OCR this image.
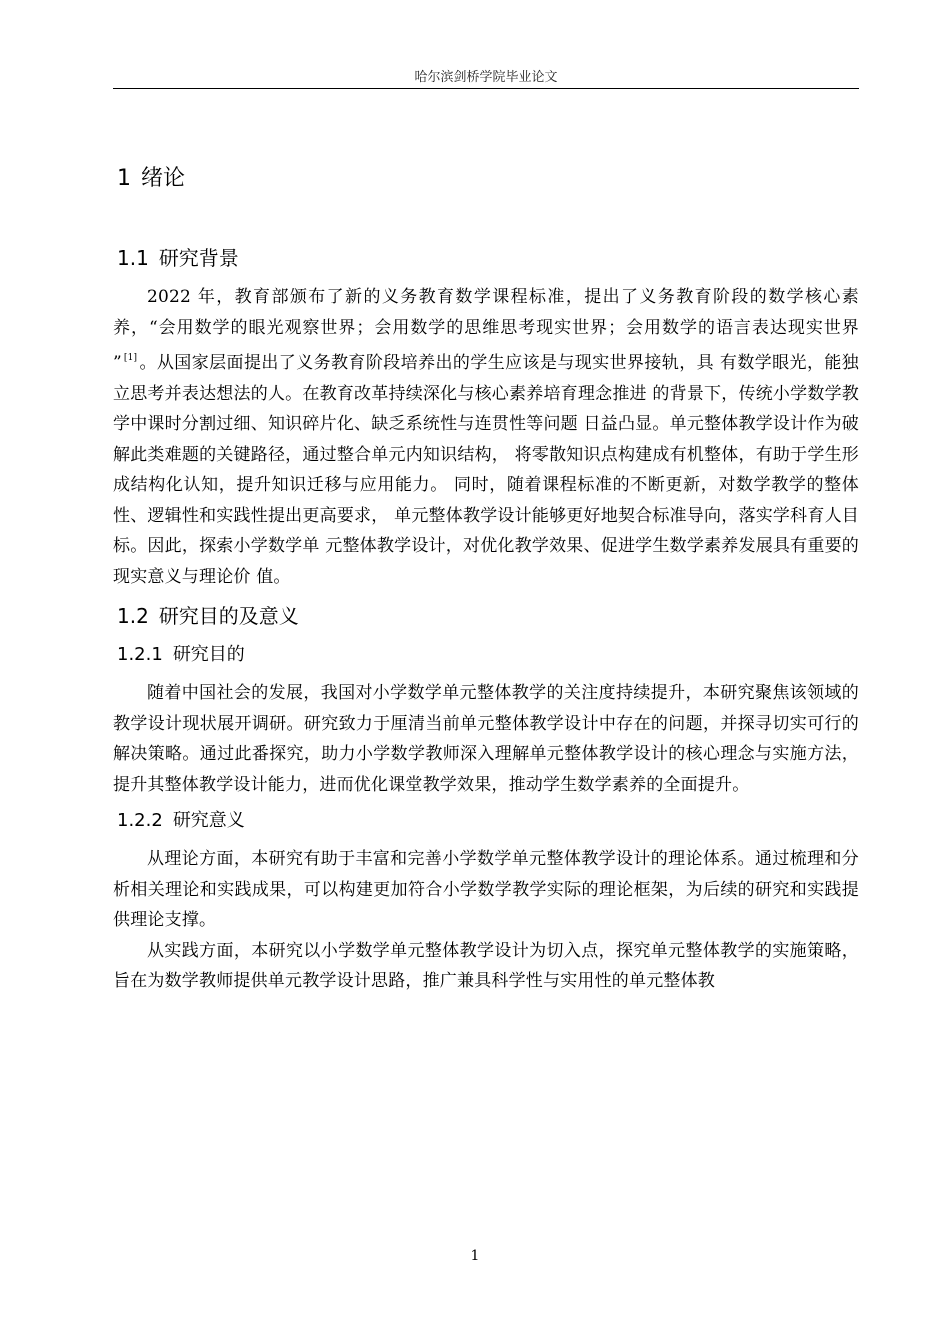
哈尔滨剑桥学院毕业论文
1 绪论
1.1 研究背景

2022 年，教育部颁布了新的义务教育数学课程标准，提出了义务教育阶段的数学核心素养，“会用数学的眼光观察世界；会用数学的思维思考现实世界；会用数学的语言表达现实世界 ” [1] 。从国家层面提出了义务教育阶段培养出的学生应该是与现实世界接轨，具 有数学眼光，能独立思考并表达想法的人。在教育改革持续深化与核心素养培育理念推进 的背景下，传统小学数学教学中课时分割过细、知识碎片化、缺乏系统性与连贯性等问题 日益凸显。单元整体教学设计作为破解此类难题的关键路径，通过整合单元内知识结构， 将零散知识点构建成有机整体，有助于学生形成结构化认知，提升知识迁移与应用能力。 同时，随着课程标准的不断更新，对数学教学的整体性、逻辑性和实践性提出更高要求， 单元整体教学设计能够更好地契合标准导向，落实学科育人目标。因此，探索小学数学单 元整体教学设计，对优化教学效果、促进学生数学素养发展具有重要的现实意义与理论价 值。

1.2 研究目的及意义
1.2.1 研究目的

随着中国社会的发展，我国对小学数学单元整体教学的关注度持续提升，本研究聚焦该领域的教学设计现状展开调研。研究致力于厘清当前单元整体教学设计中存在的问题，并探寻切实可行的解决策略。通过此番探究，助力小学数学教师深入理解单元整体教学设计的核心理念与实施方法，提升其整体教学设计能力，进而优化课堂教学效果，推动学生数学素养的全面提升。

1.2.2 研究意义

从理论方面，本研究有助于丰富和完善小学数学单元整体教学设计的理论体系。通过梳理和分析相关理论和实践成果，可以构建更加符合小学数学教学实际的理论框架，为后续的研究和实践提供理论支撑。

从实践方面，本研究以小学数学单元整体教学设计为切入点，探究单元整体教学的实施策略，旨在为数学教师提供单元教学设计思路，推广兼具科学性与实用性的单元整体教

1
